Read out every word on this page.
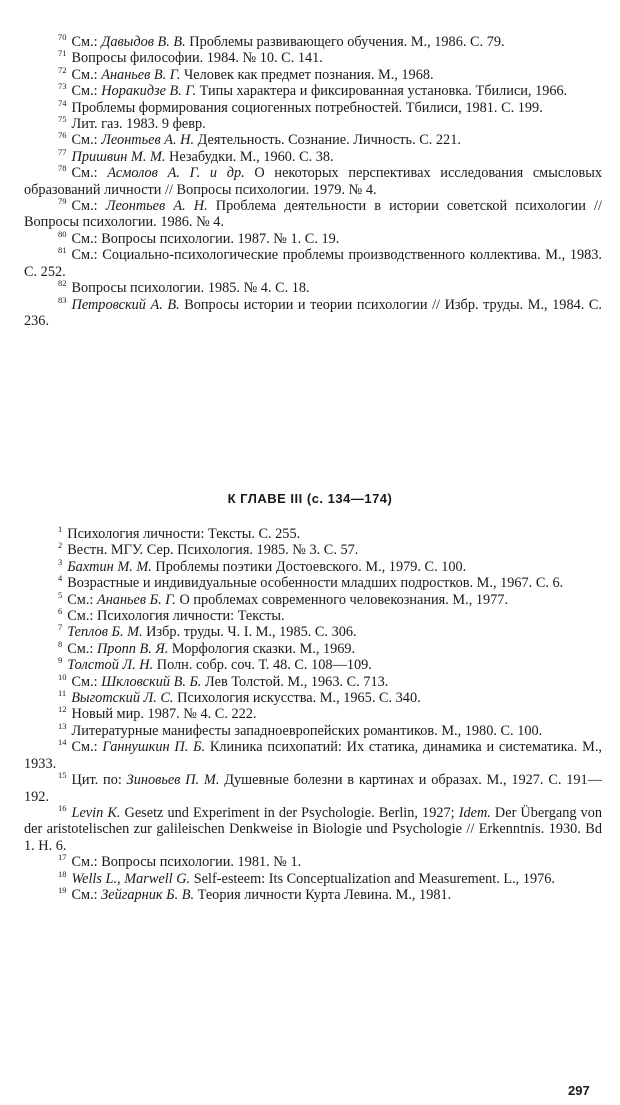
$^{70}$ См.: Давыдов В. В. Проблемы развивающего обучения. М., 1986. С. 79.
$^{71}$ Вопросы философии. 1984. № 10. С. 141.
$^{72}$ См.: Ананьев В. Г. Человек как предмет познания. М., 1968.
$^{73}$ См.: Норакидзе В. Г. Типы характера и фиксированная установка. Тбилиси, 1966.
$^{74}$ Проблемы формирования социогенных потребностей. Тбилиси, 1981. С. 199.
$^{75}$ Лит. газ. 1983. 9 февр.
$^{76}$ См.: Леонтьев А. Н. Деятельность. Сознание. Личность. С. 221.
$^{77}$ Пришвин М. М. Незабудки. М., 1960. С. 38.
$^{78}$ См.: Асмолов А. Г. и др. О некоторых перспективах исследования смысловых образований личности // Вопросы психологии. 1979. № 4.
$^{79}$ См.: Леонтьев А. Н. Проблема деятельности в истории советской психологии // Вопросы психологии. 1986. № 4.
$^{80}$ См.: Вопросы психологии. 1987. № 1. С. 19.
$^{81}$ См.: Социально-психологические проблемы производственного коллектива. М., 1983. С. 252.
$^{82}$ Вопросы психологии. 1985. № 4. С. 18.
$^{83}$ Петровский А. В. Вопросы истории и теории психологии // Избр. труды. М., 1984. С. 236.
К ГЛАВЕ III (с. 134—174)
$^1$ Психология личности: Тексты. С. 255.
$^2$ Вестн. МГУ. Сер. Психология. 1985. № 3. С. 57.
$^3$ Бахтин М. М. Проблемы поэтики Достоевского. М., 1979. С. 100.
$^4$ Возрастные и индивидуальные особенности младших подростков. М., 1967. С. 6.
$^5$ См.: Ананьев Б. Г. О проблемах современного человекознания. М., 1977.
$^6$ См.: Психология личности: Тексты.
$^7$ Теплов Б. М. Избр. труды. Ч. I. М., 1985. С. 306.
$^8$ См.: Пропп В. Я. Морфология сказки. М., 1969.
$^9$ Толстой Л. Н. Полн. собр. соч. Т. 48. С. 108—109.
$^{10}$ См.: Шкловский В. Б. Лев Толстой. М., 1963. С. 713.
$^{11}$ Выготский Л. С. Психология искусства. М., 1965. С. 340.
$^{12}$ Новый мир. 1987. № 4. С. 222.
$^{13}$ Литературные манифесты западноевропейских романтиков. М., 1980. С. 100.
$^{14}$ См.: Ганнушкин П. Б. Клиника психопатий: Их статика, динамика и систематика. М., 1933.
$^{15}$ Цит. по: Зиновьев П. М. Душевные болезни в картинах и образах. М., 1927. С. 191—192.
$^{16}$ Levin K. Gesetz und Experiment in der Psychologie. Berlin, 1927; Idem. Der Übergang von der aristotelischen zur galileischen Denkweise in Biologie und Psychologie // Erkenntnis. 1930. Bd 1. H. 6.
$^{17}$ См.: Вопросы психологии. 1981. № 1.
$^{18}$ Wells L., Marwell G. Self-esteem: Its Conceptualization and Measurement. L., 1976.
$^{19}$ См.: Зейгарник Б. В. Теория личности Курта Левина. М., 1981.
297
